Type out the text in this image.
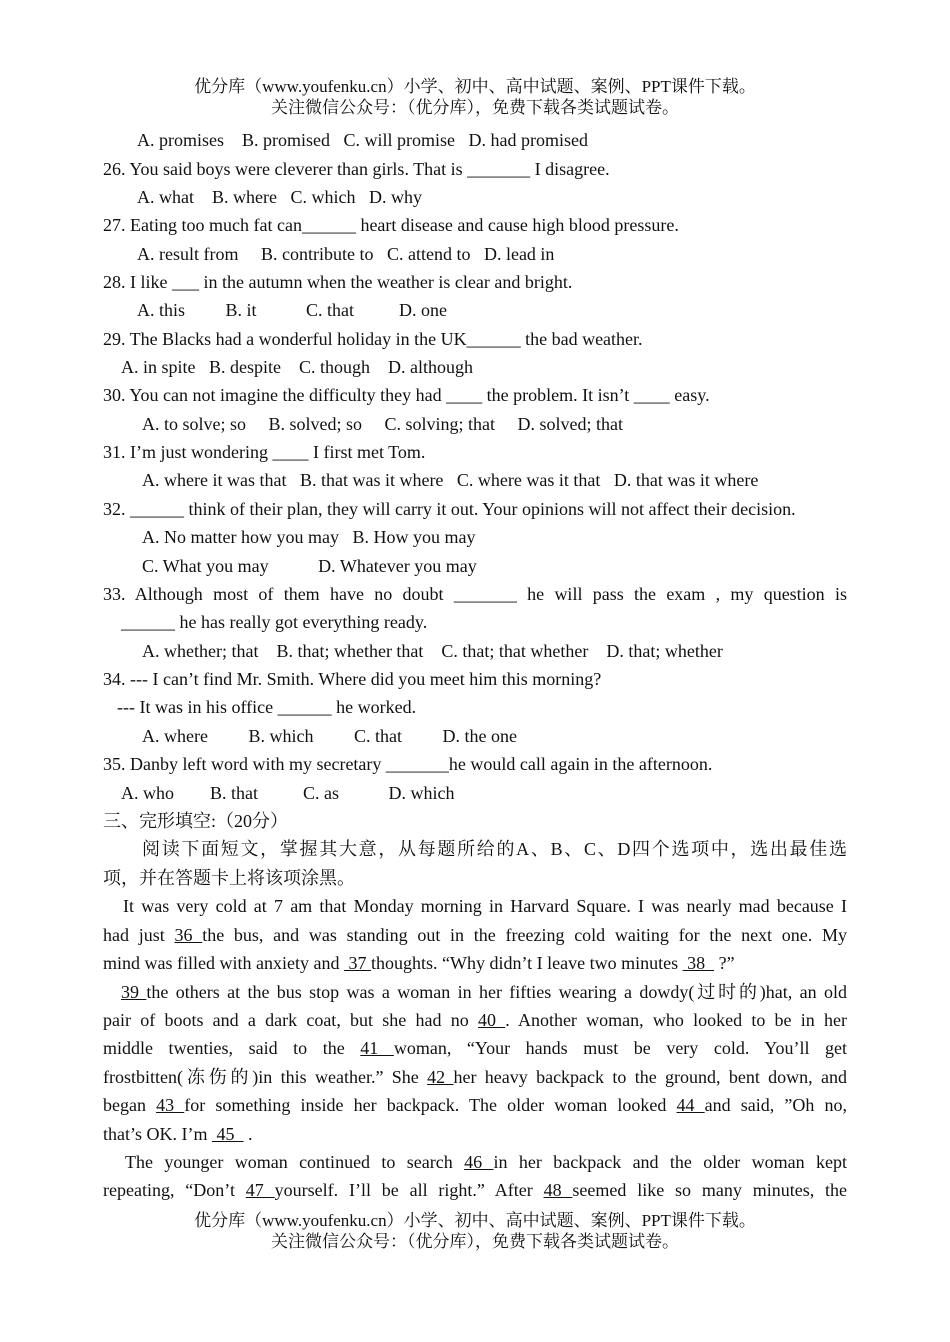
优分库（www.youfenku.cn）小学、初中、高中试题、案例、PPT课件下载。
关注微信公众号：（优分库），免费下载各类试题试卷。
A. promises    B. promised   C. will promise   D. had promised
26. You said boys were cleverer than girls. That is _______ I disagree.
A. what    B. where   C. which   D. why
27. Eating too much fat can______ heart disease and cause high blood pressure.
A. result from     B. contribute to   C. attend to   D. lead in
28. I like ___ in the autumn when the weather is clear and bright.
A. this         B. it           C. that          D. one
29. The Blacks had a wonderful holiday in the UK______ the bad weather.
A. in spite   B. despite    C. though    D. although
30. You can not imagine the difficulty they had ____ the problem. It isn’t ____ easy.
A. to solve; so     B. solved; so     C. solving; that     D. solved; that
31. I’m just wondering ____ I first met Tom.
A. where it was that   B. that was it where   C. where was it that   D. that was it where
32. ______ think of their plan, they will carry it out. Your opinions will not affect their decision.
A. No matter how you may   B. How you may
C. What you may           D. Whatever you may
33. Although most of them have no doubt _______ he will pass the exam , my question is
______ he has really got everything ready.
A. whether; that    B. that; whether that    C. that; that whether    D. that; whether
34. --- I can’t find Mr. Smith. Where did you meet him this morning?
--- It was in his office ______ he worked.
A. where         B. which         C. that         D. the one
35. Danby left word with my secretary _______he would call again in the afternoon.
A. who        B. that          C. as           D. which
三、完形填空:（20分）
阅读下面短文，掌握其大意，从每题所给的A、B、C、D四个选项中，选出最佳选
项，并在答题卡上将该项涂黑。
It was very cold at 7 am that Monday morning in Harvard Square. I was nearly mad because I
had just 36 the bus, and was standing out in the freezing cold waiting for the next one. My
mind was filled with anxiety and  37 thoughts. “Why didn’t I leave two minutes  38   ?”
39 the others at the bus stop was a woman in her fifties wearing a dowdy(过时的)hat, an old
pair of boots and a dark coat, but she had no 40 . Another woman, who looked to be in her
middle twenties, said to the 41 woman, “Your hands must be very cold. You’ll get
frostbitten(冻伤的)in this weather.” She 42 her heavy backpack to the ground, bent down, and
began 43 for something inside her backpack. The older woman looked 44 and said, ”Oh no,
that’s OK. I’m  45   .
The younger woman continued to search 46 in her backpack and the older woman kept
repeating, “Don’t 47 yourself. I’ll be all right.” After 48 seemed like so many minutes, the
优分库（www.youfenku.cn）小学、初中、高中试题、案例、PPT课件下载。
关注微信公众号：（优分库），免费下载各类试题试卷。
